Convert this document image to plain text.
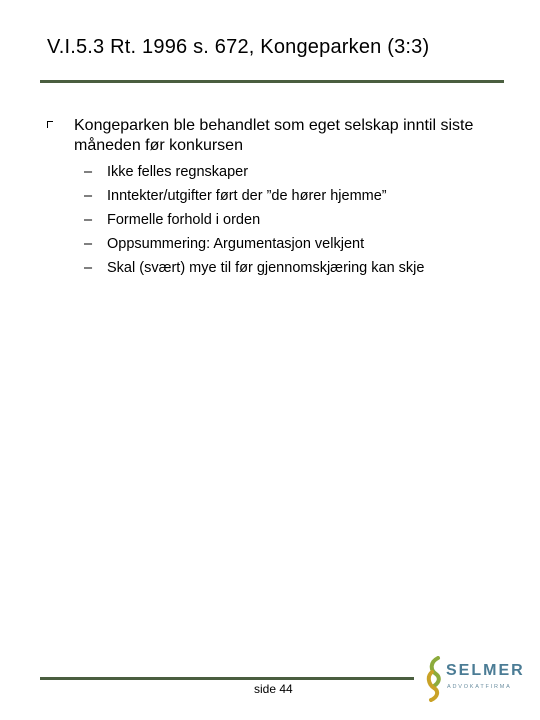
V.I.5.3 Rt. 1996 s. 672, Kongeparken (3:3)
Kongeparken ble behandlet som eget selskap inntil siste måneden før konkursen
– Ikke felles regnskaper
– Inntekter/utgifter ført der ”de hører hjemme”
– Formelle forhold i orden
– Oppsummering: Argumentasjon velkjent
– Skal (svært) mye til før gjennomskjæring kan skje
side 44
SELMER
ADVOKATFIRMA
